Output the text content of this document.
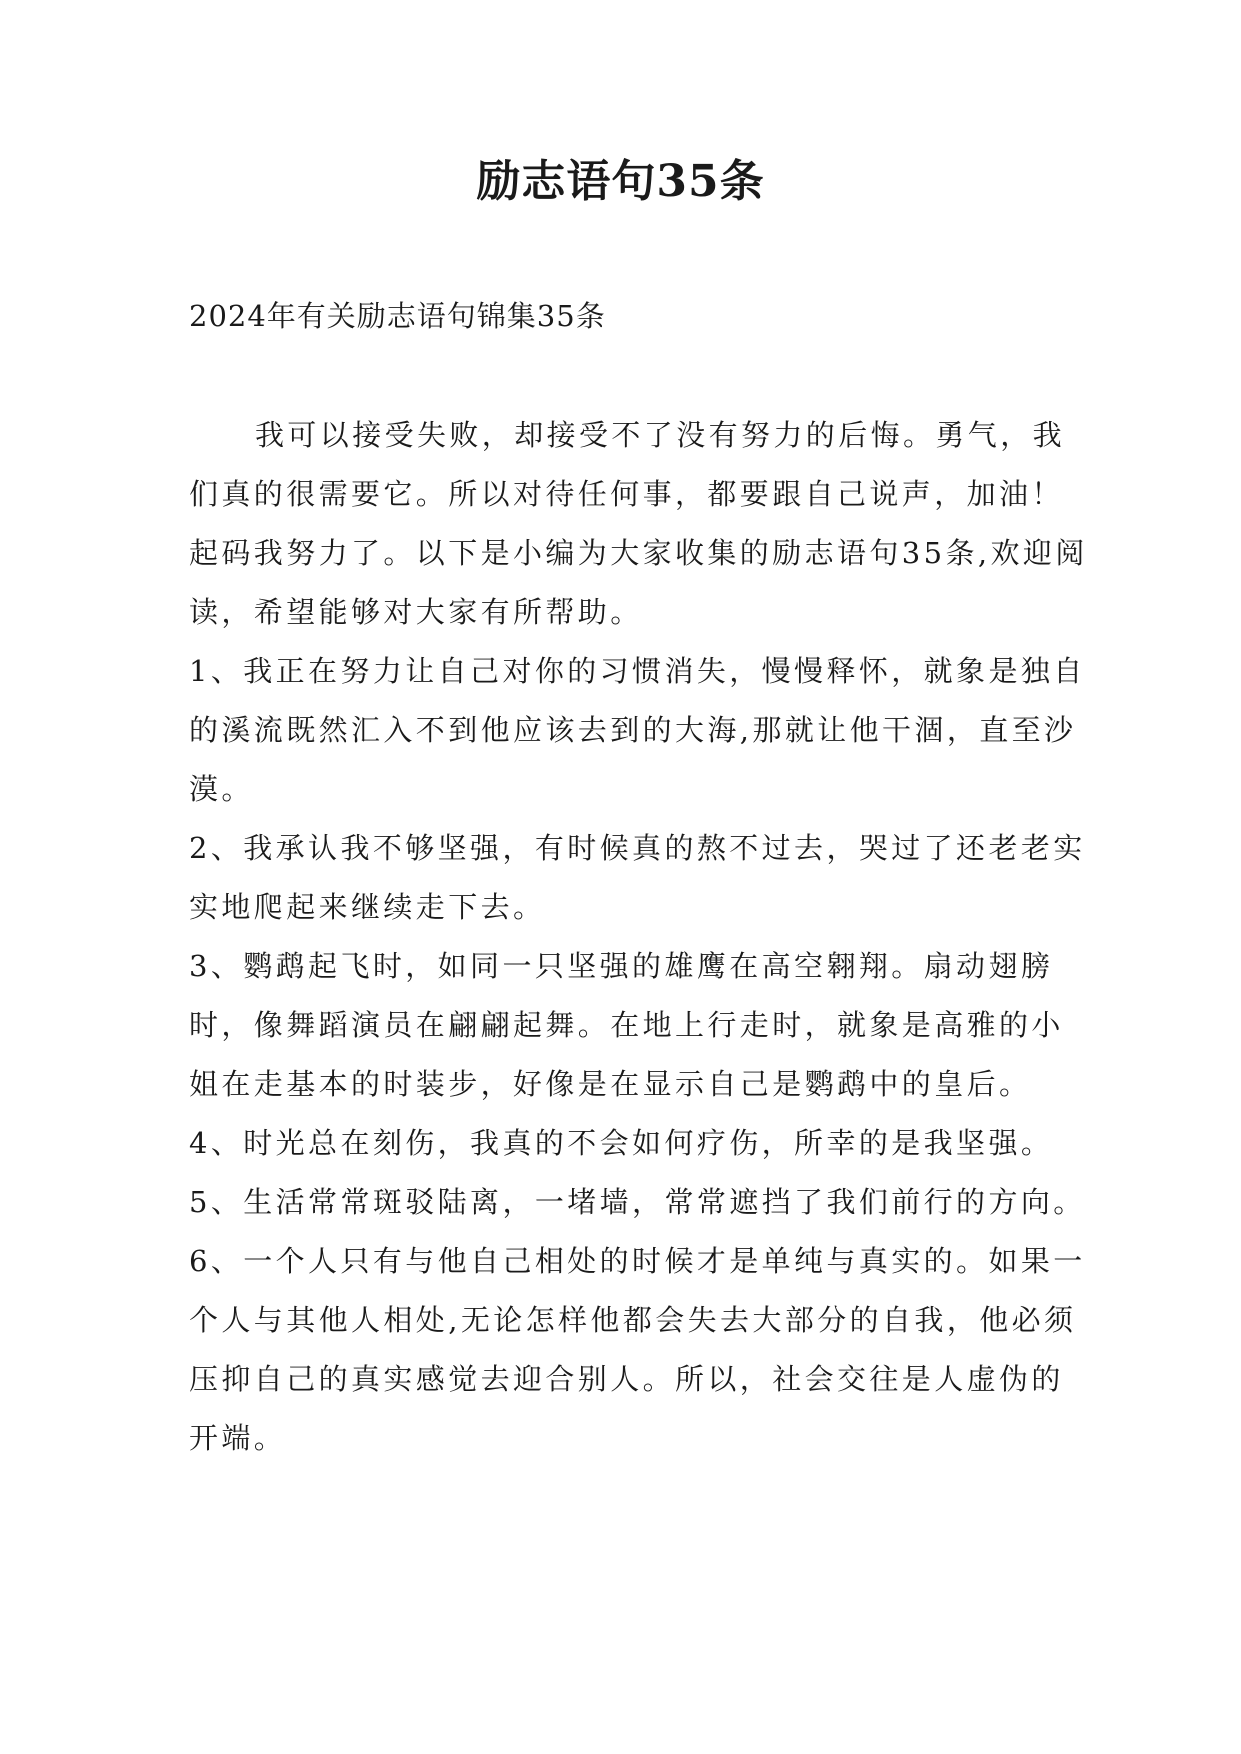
励志语句35条
2024年有关励志语句锦集35条

我可以接受失败，却接受不了没有努力的后悔。勇气，我们真的很需要它。所以对待任何事，都要跟自己说声，加油！起码我努力了。以下是小编为大家收集的励志语句35条,欢迎阅读，希望能够对大家有所帮助。

1、我正在努力让自己对你的习惯消失，慢慢释怀，就象是独自的溪流既然汇入不到他应该去到的大海,那就让他干涸，直至沙漠。

2、我承认我不够坚强，有时候真的熬不过去，哭过了还老老实实地爬起来继续走下去。

3、鹦鹉起飞时，如同一只坚强的雄鹰在高空翱翔。扇动翅膀时，像舞蹈演员在翩翩起舞。在地上行走时，就象是高雅的小姐在走基本的时装步，好像是在显示自己是鹦鹉中的皇后。

4、时光总在刻伤，我真的不会如何疗伤，所幸的是我坚强。

5、生活常常斑驳陆离，一堵墙，常常遮挡了我们前行的方向。

6、一个人只有与他自己相处的时候才是单纯与真实的。如果一个人与其他人相处,无论怎样他都会失去大部分的自我，他必须压抑自己的真实感觉去迎合别人。所以，社会交往是人虚伪的开端。
